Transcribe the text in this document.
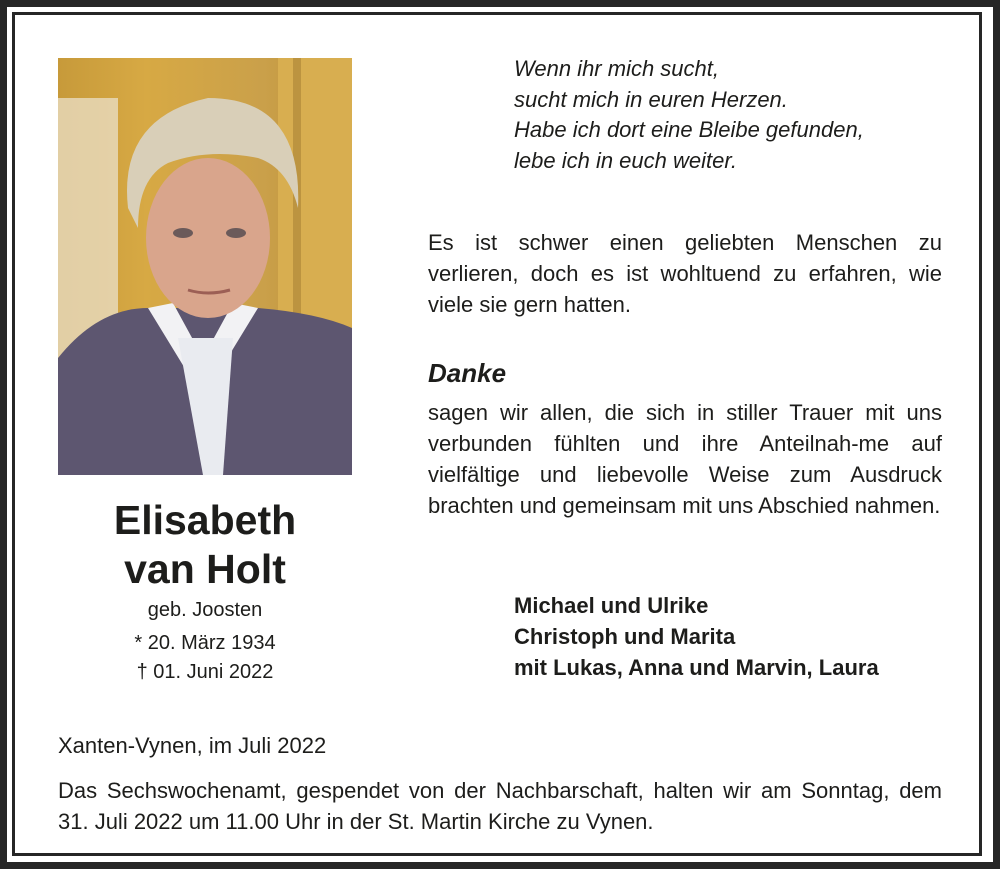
Elisabeth
van Holt
geb. Joosten
* 20. März 1934
† 01. Juni 2022
Wenn ihr mich sucht,
sucht mich in euren Herzen.
Habe ich dort eine Bleibe gefunden,
lebe ich in euch weiter.
Es ist schwer einen geliebten Menschen zu verlieren, doch es ist wohltuend zu erfahren, wie viele sie gern hatten.
Danke
sagen wir allen, die sich in stiller Trauer mit uns verbunden fühlten und ihre Anteilnah-me auf vielfältige und liebevolle Weise zum Ausdruck brachten und gemeinsam mit uns Abschied nahmen.
Michael und Ulrike
Christoph und Marita
mit Lukas, Anna und Marvin, Laura
Xanten-Vynen, im Juli 2022
Das Sechswochenamt, gespendet von der Nachbarschaft, halten wir am Sonntag, dem 31. Juli 2022 um 11.00 Uhr in der St. Martin Kirche zu Vynen.
